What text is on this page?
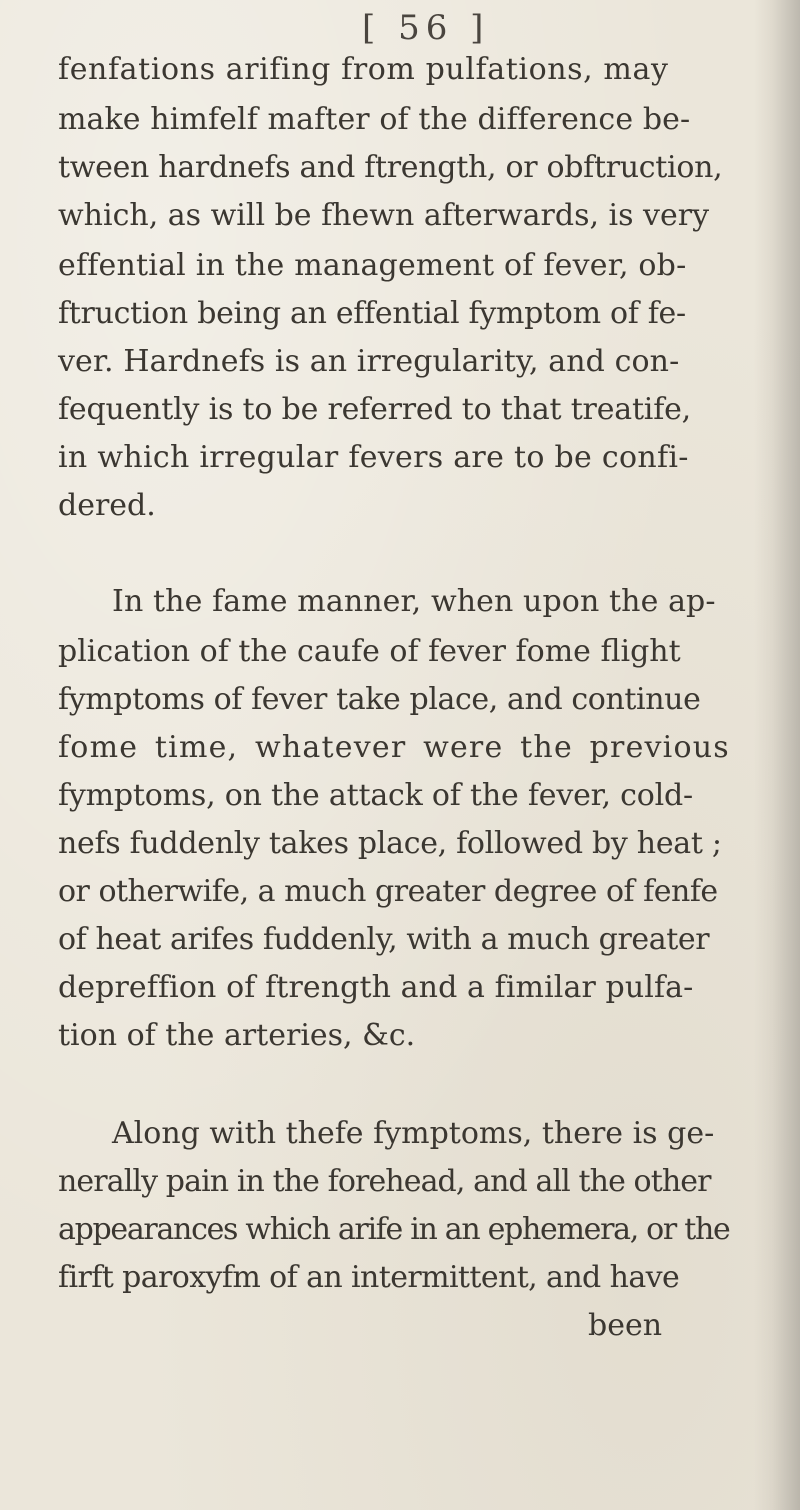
[ 56 ]
fenfations arifing from pulfations, may
make himfelf mafter of the difference be-
tween hardnefs and ftrength, or obftruction,
which, as will be fhewn afterwards, is very
effential in the management of fever, ob-
ftruction being an effential fymptom of fe-
ver. Hardnefs is an irregularity, and con-
fequently is to be referred to that treatife,
in which irregular fevers are to be confi-
dered.
In the fame manner, when upon the ap-
plication of the caufe of fever fome flight
fymptoms of fever take place, and continue
fome time, whatever were the previous
fymptoms, on the attack of the fever, cold-
nefs fuddenly takes place, followed by heat ;
or otherwife, a much greater degree of fenfe
of heat arifes fuddenly, with a much greater
depreffion of ftrength and a fimilar pulfa-
tion of the arteries, &c.
Along with thefe fymptoms, there is ge-
nerally pain in the forehead, and all the other
appearances which arife in an ephemera, or the
firft paroxyfm of an intermittent, and have
been
